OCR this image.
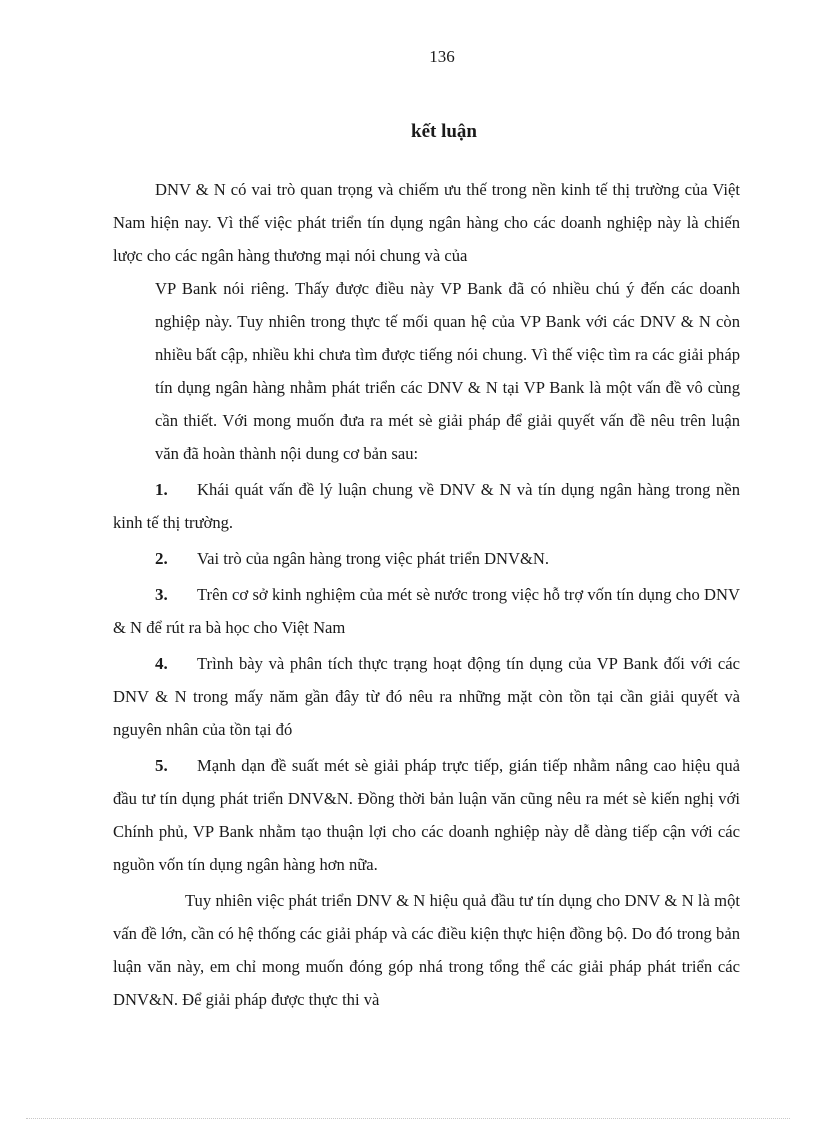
136
kết luận

DNV & N có vai trò quan trọng và chiếm ưu thế trong nền kinh tế thị trường của Việt Nam hiện nay. Vì thế việc phát triển tín dụng ngân hàng cho các doanh nghiệp này là chiến lược cho các ngân hàng thương mại nói chung và của

VP Bank nói riêng. Thấy được điều này VP Bank đã có nhiều chú ý đến các doanh nghiệp này. Tuy nhiên trong thực tế mối quan hệ của VP Bank với các DNV & N còn nhiều bất cập, nhiều khi chưa tìm được tiếng nói chung. Vì thế việc tìm ra các giải pháp tín dụng ngân hàng nhằm phát triển các DNV & N tại VP Bank là một vấn đề vô cùng cần thiết. Với mong muốn đưa ra mét sè giải pháp để giải quyết vấn đề nêu trên luận văn đã hoàn thành nội dung cơ bản sau:

1. Khái quát vấn đề lý luận chung về DNV & N và tín dụng ngân hàng trong nền kinh tế thị trường.

2. Vai trò của ngân hàng trong việc phát triển DNV&N.

3. Trên cơ sở kinh nghiệm của mét sè nước trong việc hỗ trợ vốn tín dụng cho DNV & N để rút ra bà học cho Việt Nam

4. Trình bày và phân tích thực trạng hoạt động tín dụng của VP Bank đối với các DNV & N trong mấy năm gần đây từ đó nêu ra những mặt còn tồn tại cần giải quyết và nguyên nhân của tồn tại đó

5. Mạnh dạn đề suất mét sè giải pháp trực tiếp, gián tiếp nhằm nâng cao hiệu quả đầu tư tín dụng phát triển DNV&N. Đồng thời bản luận văn cũng nêu ra mét sè kiến nghị với Chính phủ, VP Bank nhằm tạo thuận lợi cho các doanh nghiệp này dễ dàng tiếp cận với các nguồn vốn tín dụng ngân hàng hơn nữa.

Tuy nhiên việc phát triển DNV & N hiệu quả đầu tư tín dụng cho DNV & N là một vấn đề lớn, cần có hệ thống các giải pháp và các điều kiện thực hiện đồng bộ. Do đó trong bản luận văn này, em chỉ mong muốn đóng góp nhá trong tổng thể các giải pháp phát triển các DNV&N. Để giải pháp được thực thi và
